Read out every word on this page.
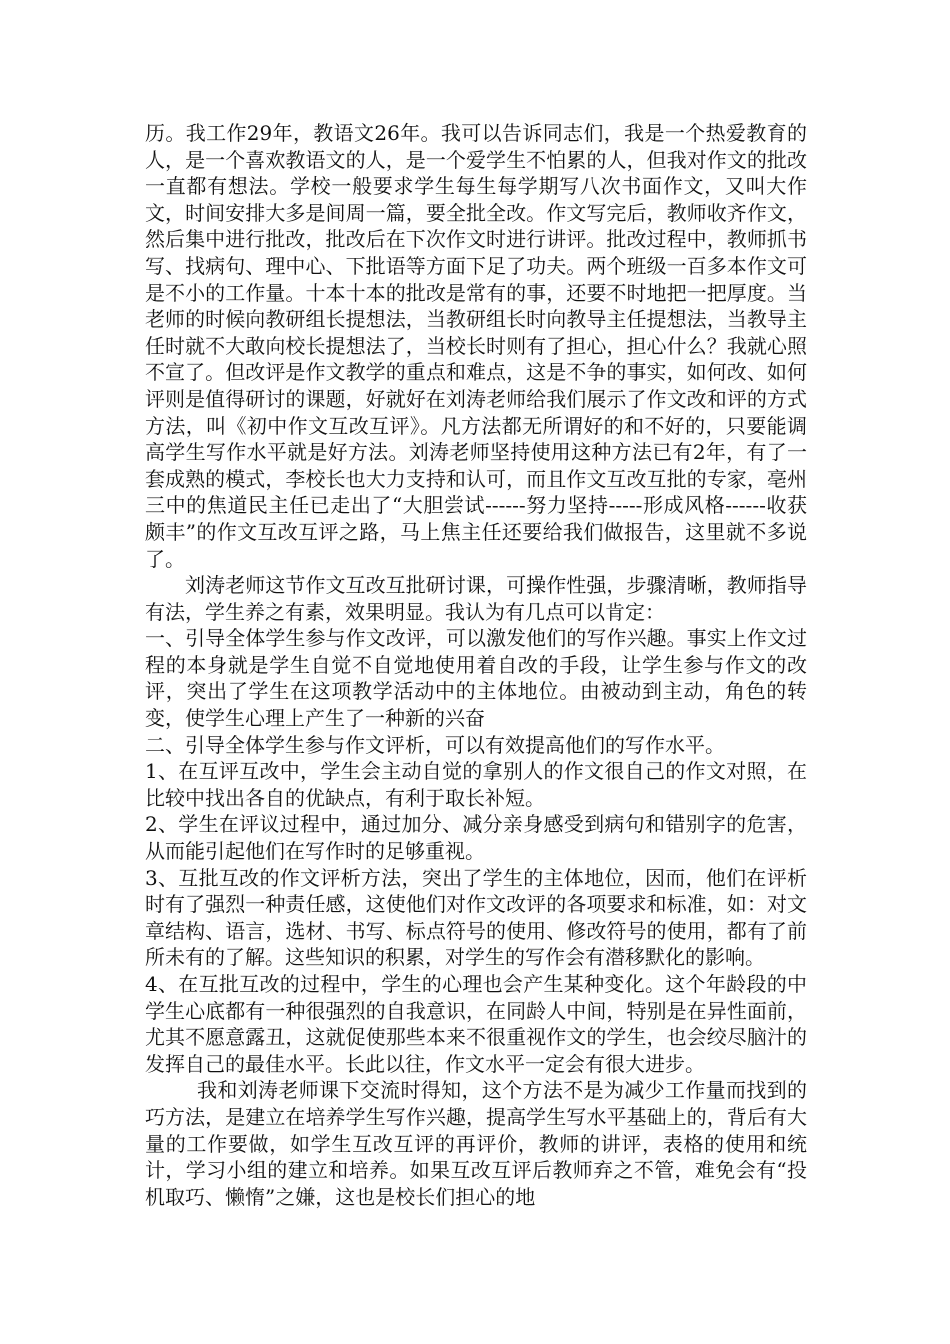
历。我工作29年，教语文26年。我可以告诉同志们，我是一个热爱教育的人，是一个喜欢教语文的人，是一个爱学生不怕累的人，但我对作文的批改一直都有想法。学校一般要求学生每生每学期写八次书面作文，又叫大作文，时间安排大多是间周一篇，要全批全改。作文写完后，教师收齐作文，然后集中进行批改，批改后在下次作文时进行讲评。批改过程中，教师抓书写、找病句、理中心、下批语等方面下足了功夫。两个班级一百多本作文可是不小的工作量。十本十本的批改是常有的事，还要不时地把一把厚度。当老师的时候向教研组长提想法，当教研组长时向教导主任提想法，当教导主任时就不大敢向校长提想法了，当校长时则有了担心，担心什么？我就心照不宣了。但改评是作文教学的重点和难点，这是不争的事实，如何改、如何评则是值得研讨的课题，好就好在刘涛老师给我们展示了作文改和评的方式方法，叫《初中作文互改互评》。凡方法都无所谓好的和不好的，只要能调高学生写作水平就是好方法。刘涛老师坚持使用这种方法已有2年，有了一套成熟的模式，李校长也大力支持和认可，而且作文互改互批的专家，亳州三中的焦道民主任已走出了“大胆尝试------努力坚持-----形成风格------收获颇丰”的作文互改互评之路，马上焦主任还要给我们做报告，这里就不多说了。

刘涛老师这节作文互改互批研讨课，可操作性强，步骤清晰，教师指导有法，学生养之有素，效果明显。我认为有几点可以肯定：

一、引导全体学生参与作文改评，可以激发他们的写作兴趣。事实上作文过程的本身就是学生自觉不自觉地使用着自改的手段，让学生参与作文的改评，突出了学生在这项教学活动中的主体地位。由被动到主动，角色的转变，使学生心理上产生了一种新的兴奋

二、引导全体学生参与作文评析，可以有效提高他们的写作水平。

1、在互评互改中，学生会主动自觉的拿别人的作文很自己的作文对照，在比较中找出各自的优缺点，有利于取长补短。

2、学生在评议过程中，通过加分、减分亲身感受到病句和错别字的危害，从而能引起他们在写作时的足够重视。

3、互批互改的作文评析方法，突出了学生的主体地位，因而，他们在评析时有了强烈一种责任感，这使他们对作文改评的各项要求和标准，如：对文章结构、语言，选材、书写、标点符号的使用、修改符号的使用，都有了前所未有的了解。这些知识的积累，对学生的写作会有潜移默化的影响。

4、在互批互改的过程中，学生的心理也会产生某种变化。这个年龄段的中学生心底都有一种很强烈的自我意识，在同龄人中间，特别是在异性面前，尤其不愿意露丑，这就促使那些本来不很重视作文的学生，也会绞尽脑汁的发挥自己的最佳水平。长此以往，作文水平一定会有很大进步。

我和刘涛老师课下交流时得知，这个方法不是为减少工作量而找到的巧方法，是建立在培养学生写作兴趣，提高学生写水平基础上的，背后有大量的工作要做，如学生互改互评的再评价，教师的讲评，表格的使用和统计，学习小组的建立和培养。如果互改互评后教师弃之不管，难免会有“投机取巧、懒惰”之嫌，这也是校长们担心的地
